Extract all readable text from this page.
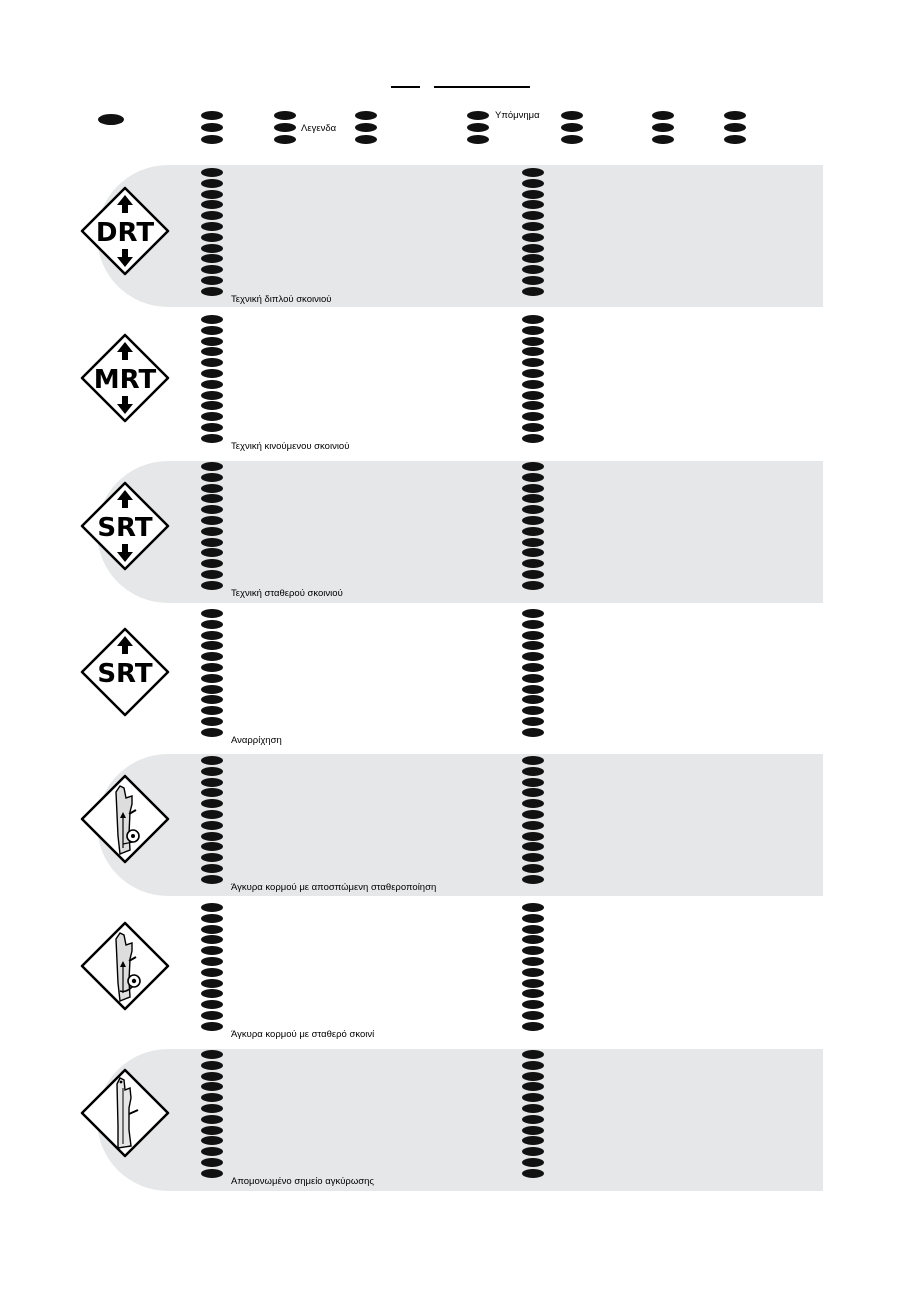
Λεγενδα
Υπόμνημα
DRT
MRT
SRT
SRT
Τεχνική διπλού σκοινιού
Τεχνική κινούμενου σκοινιού
Τεχνική σταθερού σκοινιού
Αναρρίχηση
Άγκυρα κορμού με αποσπώμενη σταθεροποίηση
Άγκυρα κορμού με σταθερό σκοινί
Απομονωμένο σημείο αγκύρωσης
